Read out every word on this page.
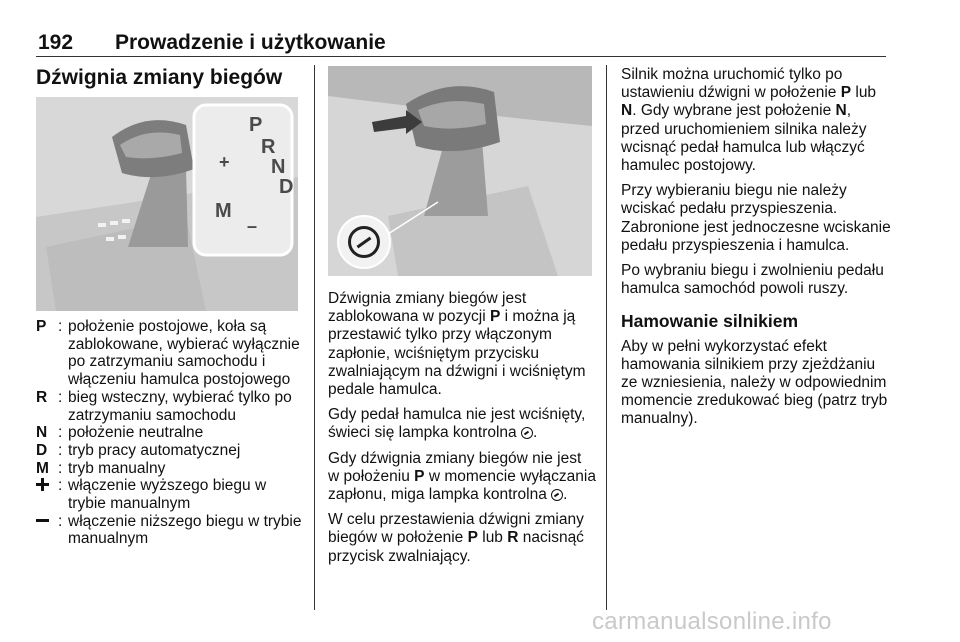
192 Prowadzenie i użytkowanie
Dźwignia zmiany biegów
P
R
N
D
M
+
–
P : położenie postojowe, koła są zablokowane, wybierać wyłącznie po zatrzymaniu samochodu i włączeniu hamulca postojowego
R : bieg wsteczny, wybierać tylko po zatrzymaniu samochodu
N : położenie neutralne
D : tryb pracy automatycznej
M : tryb manualny
: włączenie wyższego biegu w trybie manualnym
: włączenie niższego biegu w trybie manualnym

Dźwignia zmiany biegów jest zablokowana w pozycji P i można ją przestawić tylko przy włączonym zapłonie, wciśniętym przycisku zwalniającym na dźwigni i wciśniętym pedale hamulca.

Gdy pedał hamulca nie jest wciśnięty, świeci się lampka kontrolna .

Gdy dźwignia zmiany biegów nie jest w położeniu P w momencie wyłączania zapłonu, miga lampka kontrolna .

W celu przestawienia dźwigni zmiany biegów w położenie P lub R nacisnąć przycisk zwalniający.

Silnik można uruchomić tylko po ustawieniu dźwigni w położenie P lub N. Gdy wybrane jest położenie N, przed uruchomieniem silnika należy wcisnąć pedał hamulca lub włączyć hamulec postojowy.

Przy wybieraniu biegu nie należy wciskać pedału przyspieszenia. Zabronione jest jednoczesne wciskanie pedału przyspieszenia i hamulca.

Po wybraniu biegu i zwolnieniu pedału hamulca samochód powoli ruszy.

Hamowanie silnikiem

Aby w pełni wykorzystać efekt hamowania silnikiem przy zjeżdżaniu ze wzniesienia, należy w odpowiednim momencie zredukować bieg (patrz tryb manualny).

carmanualsonline.info
